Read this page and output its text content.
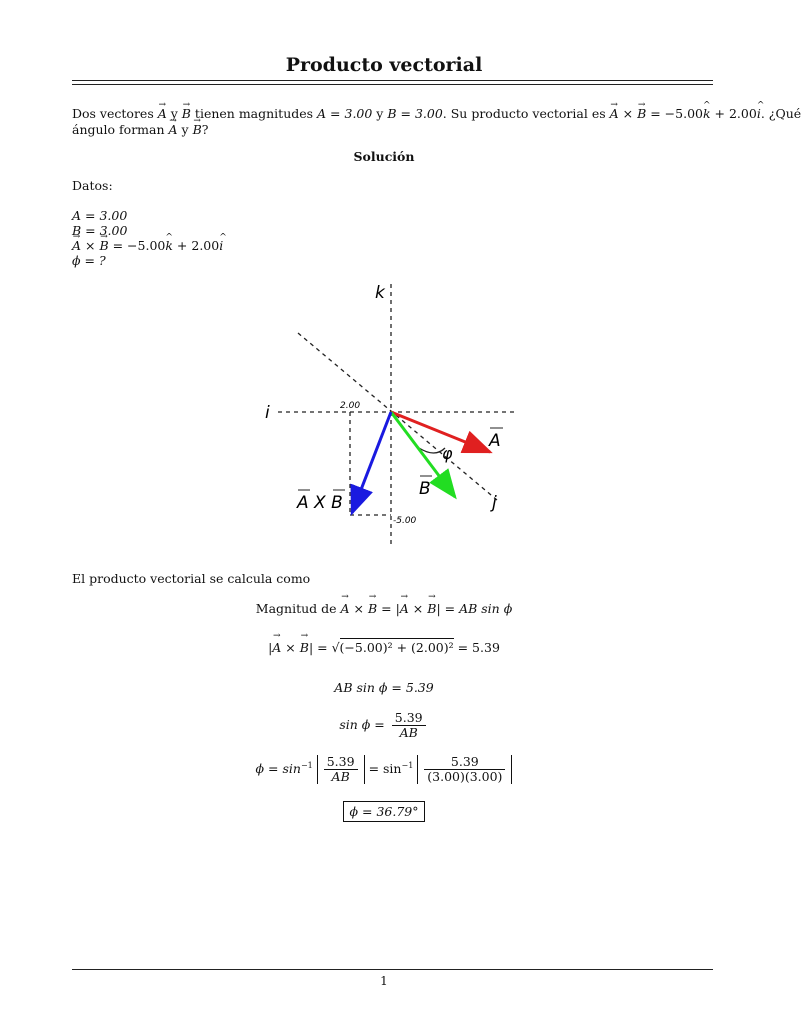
Producto vectorial
Dos vectores → A y → B tienen magnitudes A = 3.00 y B = 3.00. Su producto vectorial es → A × → B = −5.00^ k + 2.00^ i. ¿Qué
ángulo forman → A y → B?
Solución
Datos:
A = 3.00
B = 3.00
→ A × → B = −5.00^ k + 2.00^ i
ϕ = ?
k
i
j
2.00
-5.00
φ
A
B
A X B
El producto vectorial se calcula como
Magnitud de → A × → B = |→ A × → B| = AB sin ϕ
|→ A × → B| = √(−5.00)² + (2.00)² = 5.39
AB sin ϕ = 5.39
$\sin \phi = \frac{5.39}{AB}$
$\phi = \sin^{-1} \frac{5.39}{AB} = \sin^{-1} \frac{5.39}{(3.00)(3.00)}$
ϕ = 36.79°
1
